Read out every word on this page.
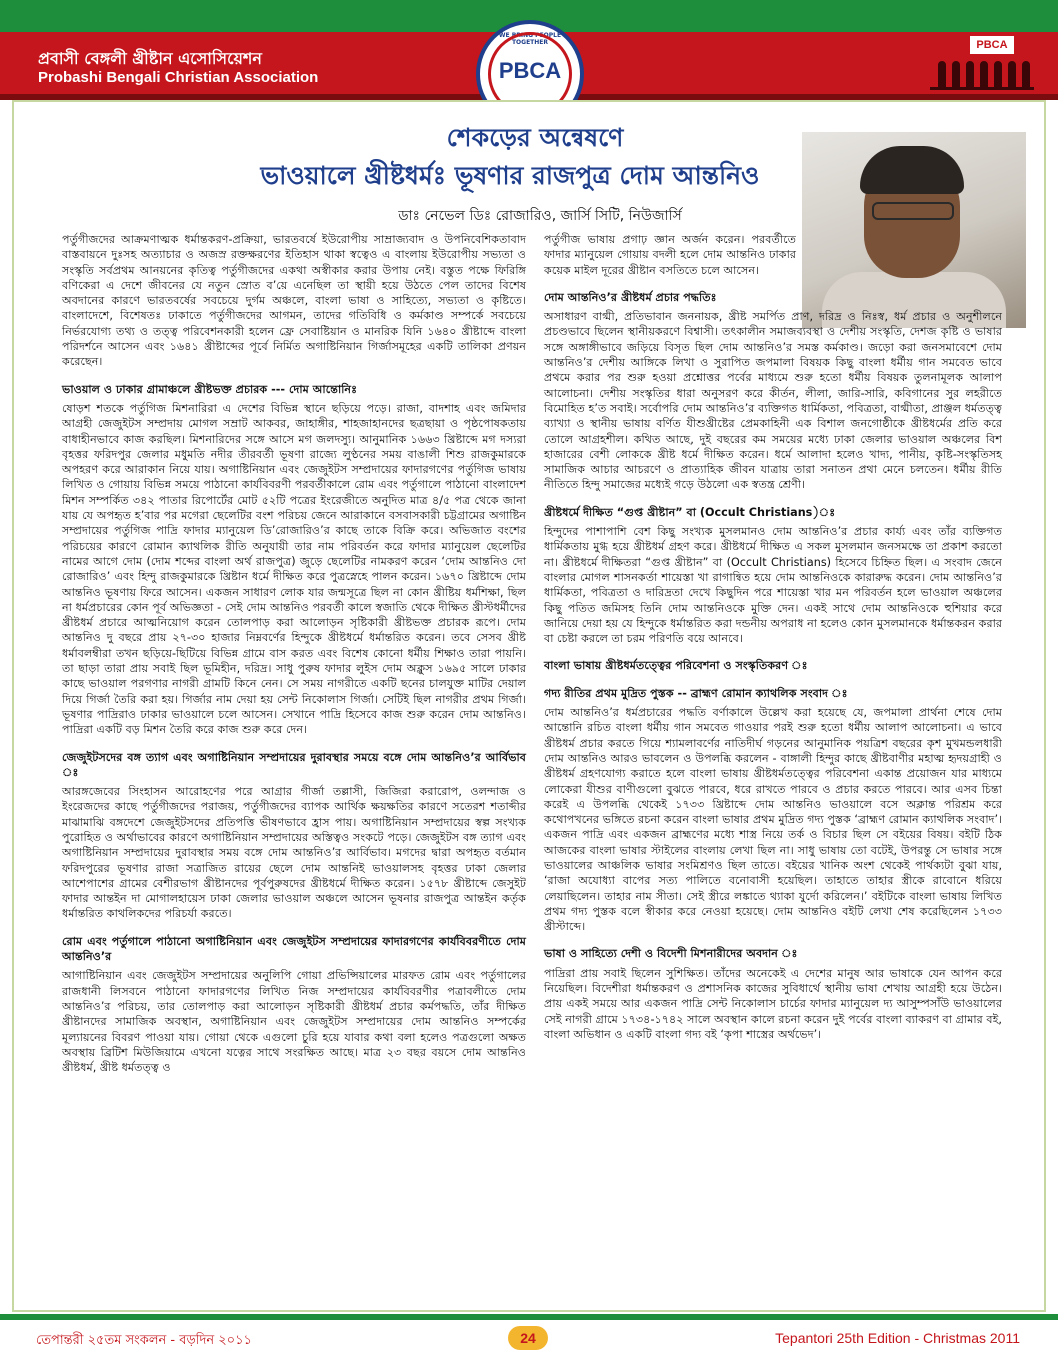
প্রবাসী বেঙ্গলী খ্রীষ্টান এসোসিয়েশন
Probashi Bengali Christian Association
WE BRING PEOPLE TOGETHER
PBCA
PBCA
শেকড়ের অন্বেষণে
ভাওয়ালে খ্রীষ্টধর্মঃ ভূষণার রাজপুত্র দোম আন্তনিও
ডাঃ নেভেল ডিঃ রোজারিও, জার্সি সিটি, নিউজার্সি

পর্তুগীজদের আক্রমণাত্মক ধর্মান্তকরণ-প্রক্রিয়া, ভারতবর্ষে ইউরোপীয় সাম্রাজ্যবাদ ও উপনিবেশিকতাবাদ বাস্তবায়নে দুঃসহ অত্যাচার ও অজস্র রক্তক্ষরণের ইতিহাস থাকা স্বত্বেও এ বাংলায় ইউরোপীয় সভ্যতা ও সংস্কৃতি সর্বপ্রথম আনয়নের কৃতিত্ব পর্তুগীজদের একথা অস্বীকার করার উপায় নেই। বস্তুত পক্ষে ফিরিঙ্গি বণিকেরা এ দেশে জীবনের যে নতুন স্রোত ব’য়ে এনেছিল তা স্থায়ী হয়ে উঠতে পেল তাদের বিশেষ অবদানের কারণে ভারতবর্ষের সবচেয়ে দুর্গম অঞ্চলে, বাংলা ভাষা ও সাহিত্যে, সভ্যতা ও কৃষ্টিতে। বাংলাদেশে, বিশেষতঃ ঢাকাতে পর্তুগীজদের আগমন, তাদের গতিবিধি ও কর্মকাণ্ড সম্পর্কে সবচেয়ে নির্ভরযোগ্য তথ্য ও তত্ত্ব পরিবেশনকারী হলেন ফ্রে সেবাষ্টিয়ান ও মানরিক যিনি ১৬৪০ খ্রীষ্টাব্দে বাংলা পরিদর্শনে আসেন এবং ১৬৪১ খ্রীষ্টাব্দের পূর্বে নির্মিত অগাষ্টিনিয়ান গির্জাসমূহের একটি তালিকা প্রণয়ন করেছেন।

ভাওয়াল ও ঢাকার গ্রামাঞ্চলে খ্রীষ্টভক্ত প্রচারক --- দোম আন্তোনিঃ

ষোড়শ শতকে পর্তুগিজ মিশনারিরা এ দেশের বিভিন্ন স্থানে ছড়িয়ে পড়ে। রাজা, বাদশাহ এবং জমিদার আগ্রহী জেজুইটস সম্প্রদায় মোগল সম্রাট আকবর, জাহাঙ্গীর, শাহজাহানদের ছত্রছায়া ও পৃষ্ঠপোষকতায় বাধাহীনভাবে কাজ করছিল। মিশনারিদের সঙ্গে আসে মগ জলদস্যু। আনুমানিক ১৬৬৩ খ্রিষ্টাব্দে মগ দস্যরা বৃহত্তর ফরিদপুর জেলার মধুমতি নদীর তীরবর্তী ভূষণা রাজ্যে লুণ্ঠনের সময় বাঙালী শিশু রাজকুমারকে অপহরণ করে আরাকান নিয়ে যায়। অগাষ্টিনিয়ান এবং জেজুইটস সম্প্রদায়ের ফাদারগণের পর্তুগিজ ভাষায় লিখিত ও গোয়ায় বিভিন্ন সময়ে পাঠানো কার্যবিবরণী পরবর্তীকালে রোম এবং পর্তুগালে পাঠানো বাংলাদেশ মিশন সম্পর্কিত ৩৪২ পাতার রিপোর্টের মোট ৫২টি পত্রের ইংরেজীতে অনুদিত মাত্র ৪/৫ পত্র থেকে জানা যায় যে অপহৃত হ’বার পর মগেরা ছেলেটির বংশ পরিচয় জেনে আরাকানে বসবাসকারী চট্টগ্রামের অগাষ্টিন সম্প্রদায়ের পর্তুগিজ পাদ্রি ফাদার ম্যানুয়েল ডি’রোজারিও’র কাছে তাকে বিক্রি করে। অভিজাত বংশের পরিচয়ের কারণে রোমান ক্যাথলিক রীতি অনুযায়ী তার নাম পরিবর্তন করে ফাদার ম্যানুয়েল ছেলেটির নামের আগে দোম (দোম শব্দের বাংলা অর্থ রাজপুত্র) জুড়ে ছেলেটির নামকরণ করেন ‘দোম আন্তনিও দো রোজারিও’ এবং হিন্দু রাজকুমারকে খ্রিষ্টান ধর্মে দীক্ষিত করে পুত্রস্নেহে পালন করেন। ১৬৭০ খ্রিষ্টাব্দে দোম আন্তনিও ভূষণায় ফিরে আসেন। একজন সাধারণ লোক যার জন্মসূত্রে ছিল না কোন খ্রীষ্টিয় ধর্মশিক্ষা, ছিল না ধর্মপ্রচারের কোন পূর্ব অভিজ্ঞতা - সেই দোম আন্তনিও পরবর্তী কালে স্বজাতি থেকে দীক্ষিত খ্রীস্টধর্মীদের খ্রীষ্টধর্ম প্রচারে আত্মনিয়োগ করেন তোলপাড় করা আলোড়ন সৃষ্টিকারী খ্রীষ্টভক্ত প্রচারক রূপে। দোম আন্তনিও দু বছরে প্রায় ২৭-৩০ হাজার নিম্নবর্ণের হিন্দুকে খ্রীষ্টধর্মে ধর্মান্তরিত করেন। তবে সেসব খ্রীষ্ট ধর্মাবলম্বীরা তখন ছড়িয়ে-ছিটিয়ে বিভিন্ন গ্রামে বাস করত এবং বিশেষ কোনো ধর্মীয় শিক্ষাও তারা পায়নি। তা ছাড়া তারা প্রায় সবাই ছিল ভূমিহীন, দরিদ্র। সাধু পুরুষ ফাদার লুইস দোম অক্লুস ১৬৯৫ সালে ঢাকার কাছে ভাওয়াল পরগণার নাগরী গ্রামটি কিনে নেন। সে সময় নাগরীতে একটি ছনের চালযুক্ত মাটির দেয়াল দিয়ে গির্জা তৈরি করা হয়। গির্জার নাম দেয়া হয় সেন্ট নিকোলাস গির্জা। সেটিই ছিল নাগরীর প্রথম গির্জা। ভূষণার পাদ্রিরাও ঢাকার ভাওয়ালে চলে আসেন। সেখানে পাদ্রি হিসেবে কাজ শুরু করেন দোম আন্তনিও। পাদ্রিরা একটি বড় মিশন তৈরি করে কাজ শুরু করে দেন।

জেজুইটসদের বঙ্গ ত্যাগ এবং অগাষ্টিনিয়ান সম্প্রদায়ের দুরাবস্থার সময়ে বঙ্গে দোম আন্তনিও’র আর্বিভাব ঃ

আরঙ্গজেবের সিংহাসন আরোহণের পরে আগ্রার গীর্জা তল্লাসী, জিজিরা করারোপ, ওলন্দাজ ও ইংরেজদের কাছে পর্তুগীজদের পরাজয়, পর্তুগীজদের ব্যাপক আর্থিক ক্ষয়ক্ষতির কারণে সতেরশ শতাব্দীর মাঝামাঝি বঙ্গদেশে জেজুইটসদের প্রতিপত্তি ভীষণভাবে হ্রাস পায়। অগাষ্টিনিয়ান সম্প্রদায়ের স্বল্প সংখ্যক পুরোহিত ও অর্থাভাবের কারণে অগাষ্টিনিয়ান সম্প্রদায়ের অস্তিত্বও সংকটে পড়ে। জেজুইটস বঙ্গ ত্যাগ এবং অগাষ্টিনিয়ান সম্প্রদায়ের দুরাবস্থার সময় বঙ্গে দোম আন্তনিও’র আর্বিভাব। মগদের দ্বারা অপহৃত বর্তমান ফরিদপুরের ভূষণার রাজা সত্রাজিত রায়ের ছেলে দোম আন্তনিই ভাওয়ালসহ বৃহত্তর ঢাকা জেলার আশেপাশের গ্রামের বেশীরভাগ খ্রীষ্টানদের পূর্বপুরুষদের খ্রীষ্টধর্মে দীক্ষিত করেন। ১৫৭৮ খ্রীষ্টাব্দে জেসুইট ফাদার আন্তইন দা মোগালহায়েস ঢাকা জেলার ভাওয়াল অঞ্চলে আসেন ভূষনার রাজপুত্র আন্তইন কর্তৃক ধর্মান্তরিত কাথলিকদের পরিচর্যা করতে।

রোম এবং পর্তুগালে পাঠানো অগাষ্টিনিয়ান এবং জেজুইটস সম্প্রদায়ের ফাদারগণের কার্যবিবরণীতে দোম আন্তনিও’র

আগাষ্টিনিয়ান এবং জেজুইটস সম্প্রদায়ের অনুলিপি গোয়া প্রভিন্সিয়ালের মারফত রোম এবং পর্তুগালের রাজধানী লিসবনে পাঠানো ফাদারগণের লিখিত নিজ সম্প্রদায়ের কার্যবিবরণীর পত্রাবলীতে দোম আন্তনিও’র পরিচয়, তার তোলপাড় করা আলোড়ন সৃষ্টিকারী খ্রীষ্টধর্ম প্রচার কর্মপদ্ধতি, তাঁর দীক্ষিত খ্রীষ্টানদের সামাজিক অবস্থান, অগাষ্টিনিয়ান এবং জেজুইটস সম্প্রদায়ের দোম আন্তনিও সম্পর্কের মূল্যায়নের বিবরণ পাওয়া যায়। গোয়া থেকে এগুলো চুরি হয়ে যাবার কথা বলা হলেও পত্রগুলো অক্ষত অবস্থায় ব্রিটিশ মিউজিয়ামে এখনো যত্নের সাথে সংরক্ষিত আছে। মাত্র ২৩ বছর বয়সে দোম আন্তনিও খ্রীষ্টধর্ম, খ্রীষ্ট ধর্মতত্ত্ব ও

পর্তুগীজ ভাষায় প্রগাঢ় জ্ঞান অর্জন করেন। পরবর্তীতে ফাদার ম্যানুয়েল গোয়ায় বদলী হলে দোম আন্তনিও ঢাকার কয়েক মাইল দূরের খ্রীষ্টান বসতিতে চলে আসেন।

দোম আন্তনিও’র খ্রীষ্টধর্ম প্রচার পদ্ধতিঃ

অসাধারণ বাগ্মী, প্রতিভাবান জননায়ক, খ্রীষ্ট সমর্পিত প্রাণ, দরিদ্র ও নিঃস্ব, ধর্ম প্রচার ও অনুশীলনে প্রচণ্ডভাবে ছিলেন স্থানীয়করণে বিশ্বাসী। তৎকালীন সমাজব্যবস্থা ও দেশীয় সংস্কৃতি, দেশজ কৃষ্টি ও ভাষার সঙ্গে অঙ্গাঙ্গীভাবে জড়িয়ে বিসৃত ছিল দোম আন্তনিও’র সমস্ত কর্মকাণ্ড। জড়ো করা জনসমাবেশে দোম আন্তনিও’র দেশীয় আঙ্গিকে লিখা ও সুরাপিত জপমালা বিষয়ক কিছু বাংলা ধর্মীয় গান সমবেত ভাবে প্রথমে করার পর শুরু হওয়া প্রশ্নোত্তর পর্বের মাধ্যমে শুরু হতো ধর্মীয় বিষয়ক তুলনামূলক আলাপ আলোচনা। দেশীয় সংস্কৃতির ধারা অনুসরণ করে কীর্তন, লীলা, জারি-সারি, কবিগানের সুর লহরীতে বিমোহিত হ’ত সবাই। সর্বোপরি দোম আন্তনিও’র ব্যক্তিগত ধার্মিকতা, পবিত্রতা, বাগ্মীতা, প্রাঞ্জল ধর্মতত্ত্ব ব্যাখ্যা ও স্থানীয় ভাষায় বর্ণিত যীশুখ্রীষ্টের প্রেমকাহিনী এক বিশাল জনগোষ্ঠীকে খ্রীষ্টধর্মের প্রতি করে তোলে আগ্রহশীল। কথিত আছে, দুই বছরের কম সময়ের মধ্যে ঢাকা জেলার ভাওয়াল অঞ্চলের বিশ হাজারের বেশী লোককে খ্রীষ্ট ধর্মে দীক্ষিত করেন। ধর্মে আলাদা হলেও খাদ্য, পানীয়, কৃষ্টি-সংস্কৃতিসহ সামাজিক আচার আচরণে ও প্রাত্যাহিক জীবন যাত্রায় তারা সনাতন প্রথা মেনে চলতেন। ধর্মীয় রীতি নীতিতে হিন্দু সমাজের মধ্যেই গড়ে উঠলো এক স্বতন্ত্র শ্রেণী।

খ্রীষ্টধর্মে দীক্ষিত “গুপ্ত খ্রীষ্টান” বা (Occult Christians)ঃ

হিন্দুদের পাশাপাশি বেশ কিছু সংখ্যক মুসলমানও দোম আন্তনিও’র প্রচার কার্য্য এবং তাঁর ব্যক্তিগত ধার্মিকতায় মুগ্ধ হয়ে খ্রীষ্টধর্ম গ্রহণ করে। খ্রীষ্টধর্মে দীক্ষিত এ সকল মুসলমান জনসমক্ষে তা প্রকাশ করতো না। খ্রীষ্টধর্মে দীক্ষিতরা “গুপ্ত খ্রীষ্টান” বা (Occult Christians) হিসেবে চিহ্নিত ছিল। এ সংবাদ জেনে বাংলার মোগল শাসনকর্তা শায়েস্তা খা রাগান্বিত হয়ে দোম আন্তনিওকে কারারুদ্ধ করেন। দোম আন্তনিও’র ধার্মিকতা, পবিত্রতা ও দারিদ্রতা দেখে কিছুদিন পরে শায়েস্তা খার মন পরিবর্তন হলে ভাওয়াল অঞ্চলের কিছু পতিত জমিসহ তিনি দোম আন্তনিওকে মুক্তি দেন। একই সাথে দোম আন্তনিওকে হুশিয়ার করে জানিয়ে দেয়া হয় যে হিন্দুকে ধর্মান্তরিত করা দন্ডনীয় অপরাধ না হলেও কোন মুসলমানকে ধর্মান্তকরন করার বা চেষ্টা করলে তা চরম পরিণতি বয়ে আনবে।

বাংলা ভাষায় খ্রীষ্টধর্মতত্ত্বের পরিবেশনা ও সংস্কৃতিকরণ ঃ

গদ্য রীতির প্রথম মুদ্রিত পুস্তক -- ব্রাহ্মণ রোমান ক্যাথলিক সংবাদ ঃ

দোম আন্তনিও’র ধর্মপ্রচারের পদ্ধতি বর্ণাকালে উল্লেখ করা হয়েছে যে, জপমালা প্রার্থনা শেষে দোম আন্তোনি রচিত বাংলা ধর্মীয় গান সমবেত গাওয়ার পরই শুরু হতো ধর্মীয় আলাপ আলোচনা। এ ভাবে খ্রীষ্টধর্ম প্রচার করতে গিয়ে শ্যামলাবর্ণের নাতিদীর্ঘ গড়নের আনুমানিক পয়ত্রিশ বছরের কৃশ মুখমন্ডলধারী দোম আন্তনিও আরও ভাবলেন ও উপলব্ধি করলেন - বাঙ্গালী হিন্দুর কাছে খ্রীষ্টবাণীর মহাত্ম হৃদয়গ্রাহী ও খ্রীষ্টধর্ম গ্রহণযোগ্য করাতে হলে বাংলা ভাষায় খ্রীষ্টধর্মতত্ত্বের পরিবেশনা একান্ত প্রয়োজন যার মাধ্যমে লোকেরা যীশুর বাণীগুলো বুঝতে পারবে, ধরে রাখতে পারবে ও প্রচার করতে পারবে। আর এসব চিন্তা করেই এ উপলব্ধি থেকেই ১৭৩৩ খ্রিষ্টাব্দে দোম আন্তনিও ভাওয়ালে বসে অক্লান্ত পরিশ্রম করে কথোপখনের ভঙ্গিতে রচনা করেন বাংলা ভাষার প্রথম মুদ্রিত গদ্য পুস্তক ‘ব্রাহ্মণ রোমান ক্যাথলিক সংবাদ’। একজন পাদ্রি এবং একজন ব্রাহ্মণের মধ্যে শাস্ত্র নিয়ে তর্ক ও বিচার ছিল সে বইয়ের বিষয়। বইটি ঠিক আজকের বাংলা ভাষার স্টাইলের বাংলায় লেখা ছিল না। সাধু ভাষায় তো বটেই, উপরন্তু সে ভাষার সঙ্গে ভাওয়ালের আঞ্চলিক ভাষার সংমিশ্রণও ছিল তাতে। বইয়ের খানিক অংশ থেকেই পার্থক্যটা বুঝা যায়, ‘রাজা অযোধ্যা বাপের সত্য পালিতে বনোবাসী হয়েছিল। তাহাতে তাহার স্ত্রীকে রাবোনে ধরিয়ে লেয়াছিলেন। তাহার নাম সীতা। সেই স্ত্রীরে লঙ্কাতে থ্যাকা যুর্দো করিলেন।’ বইটিকে বাংলা ভাষায় লিখিত প্রথম গদ্য পুস্তক বলে স্বীকার করে নেওয়া হয়েছে। দোম আন্তনিও বইটি লেখা শেষ করেছিলেন ১৭৩৩ খ্রীস্টাব্দে।

ভাষা ও সাহিত্যে দেশী ও বিদেশী মিশনারীদের অবদান ঃ

পাদ্রিরা প্রায় সবাই ছিলেন সুশিক্ষিত। তাঁদের অনেকেই এ দেশের মানুষ আর ভাষাকে যেন আপন করে নিয়েছিল। বিদেশীরা ধর্মান্তকরণ ও প্রশাসনিক কাজের সুবিধার্থে স্থানীয় ভাষা শেখায় আগ্রহী হয়ে উঠেন। প্রায় একই সময়ে আর একজন পাদ্রি সেন্ট নিকোলাস চার্চের ফাদার ম্যানুয়েল দ্য আসুম্পসাঁউ ভাওয়ালের সেই নাগরী গ্রামে ১৭৩৪-১৭৪২ সালে অবস্থান কালে রচনা করেন দুই পর্বের বাংলা ব্যাকরণ বা গ্রামার বই, বাংলা অভিধান ও একটি বাংলা গদ্য বই ‘কৃপা শাস্ত্রের অর্থভেদ’।

তেপান্তরী ২৫তম সংকলন - বড়দিন ২০১১	24	Tepantori 25th Edition - Christmas 2011
